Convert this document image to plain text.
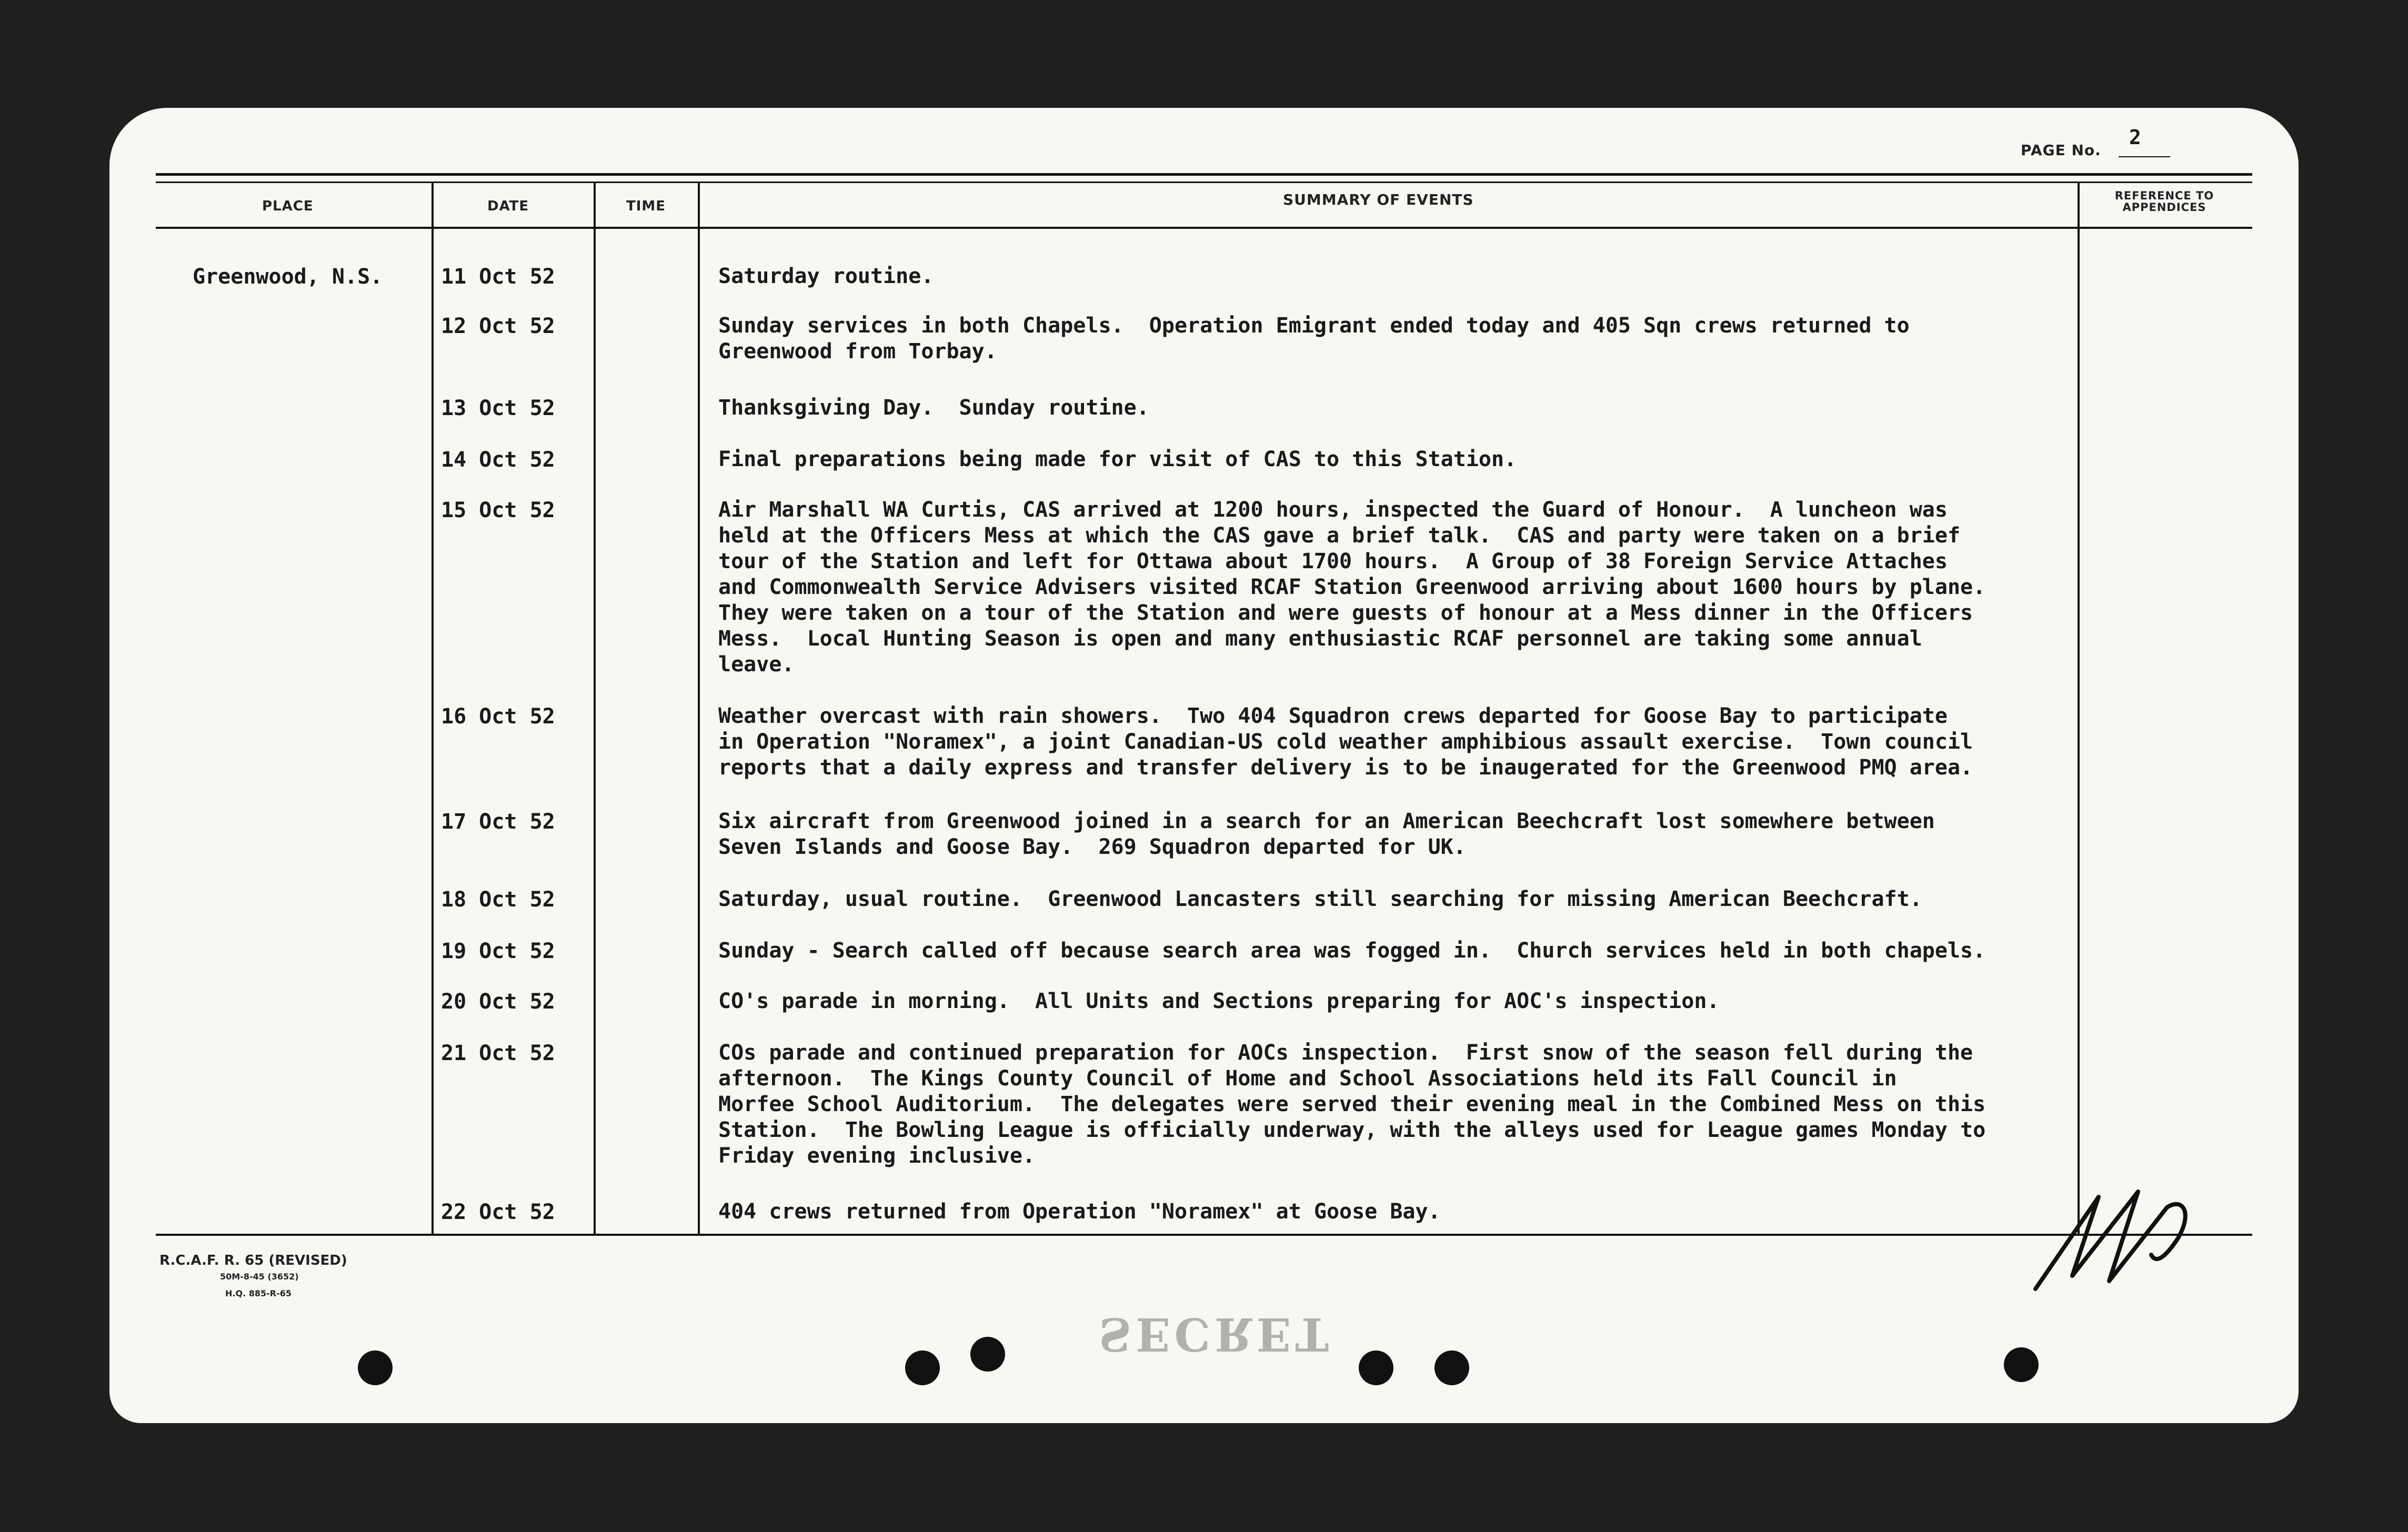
PAGE No.
2
PLACE	DATE	TIME	SUMMARY OF EVENTS	REFERENCE TO APPENDICES
Greenwood, N.S.	11 Oct 52	Saturday routine.
12 Oct 52	Sunday services in both Chapels.  Operation Emigrant ended today and 405 Sqn crews returned to
Greenwood from Torbay.
13 Oct 52	Thanksgiving Day.  Sunday routine.
14 Oct 52	Final preparations being made for visit of CAS to this Station.
15 Oct 52	Air Marshall WA Curtis, CAS arrived at 1200 hours, inspected the Guard of Honour.  A luncheon was
held at the Officers Mess at which the CAS gave a brief talk.  CAS and party were taken on a brief
tour of the Station and left for Ottawa about 1700 hours.  A Group of 38 Foreign Service Attaches
and Commonwealth Service Advisers visited RCAF Station Greenwood arriving about 1600 hours by plane.
They were taken on a tour of the Station and were guests of honour at a Mess dinner in the Officers
Mess.  Local Hunting Season is open and many enthusiastic RCAF personnel are taking some annual
leave.
16 Oct 52	Weather overcast with rain showers.  Two 404 Squadron crews departed for Goose Bay to participate
in Operation "Noramex", a joint Canadian-US cold weather amphibious assault exercise.  Town council
reports that a daily express and transfer delivery is to be inaugerated for the Greenwood PMQ area.
17 Oct 52	Six aircraft from Greenwood joined in a search for an American Beechcraft lost somewhere between
Seven Islands and Goose Bay.  269 Squadron departed for UK.
18 Oct 52	Saturday, usual routine.  Greenwood Lancasters still searching for missing American Beechcraft.
19 Oct 52	Sunday - Search called off because search area was fogged in.  Church services held in both chapels.
20 Oct 52	CO's parade in morning.  All Units and Sections preparing for AOC's inspection.
21 Oct 52	COs parade and continued preparation for AOCs inspection.  First snow of the season fell during the
afternoon.  The Kings County Council of Home and School Associations held its Fall Council in
Morfee School Auditorium.  The delegates were served their evening meal in the Combined Mess on this
Station.  The Bowling League is officially underway, with the alleys used for League games Monday to
Friday evening inclusive.
22 Oct 52	404 crews returned from Operation "Noramex" at Goose Bay.
R.C.A.F. R. 65 (REVISED)
50M-8-45 (3652)
H.Q. 885-R-65
SECRET
